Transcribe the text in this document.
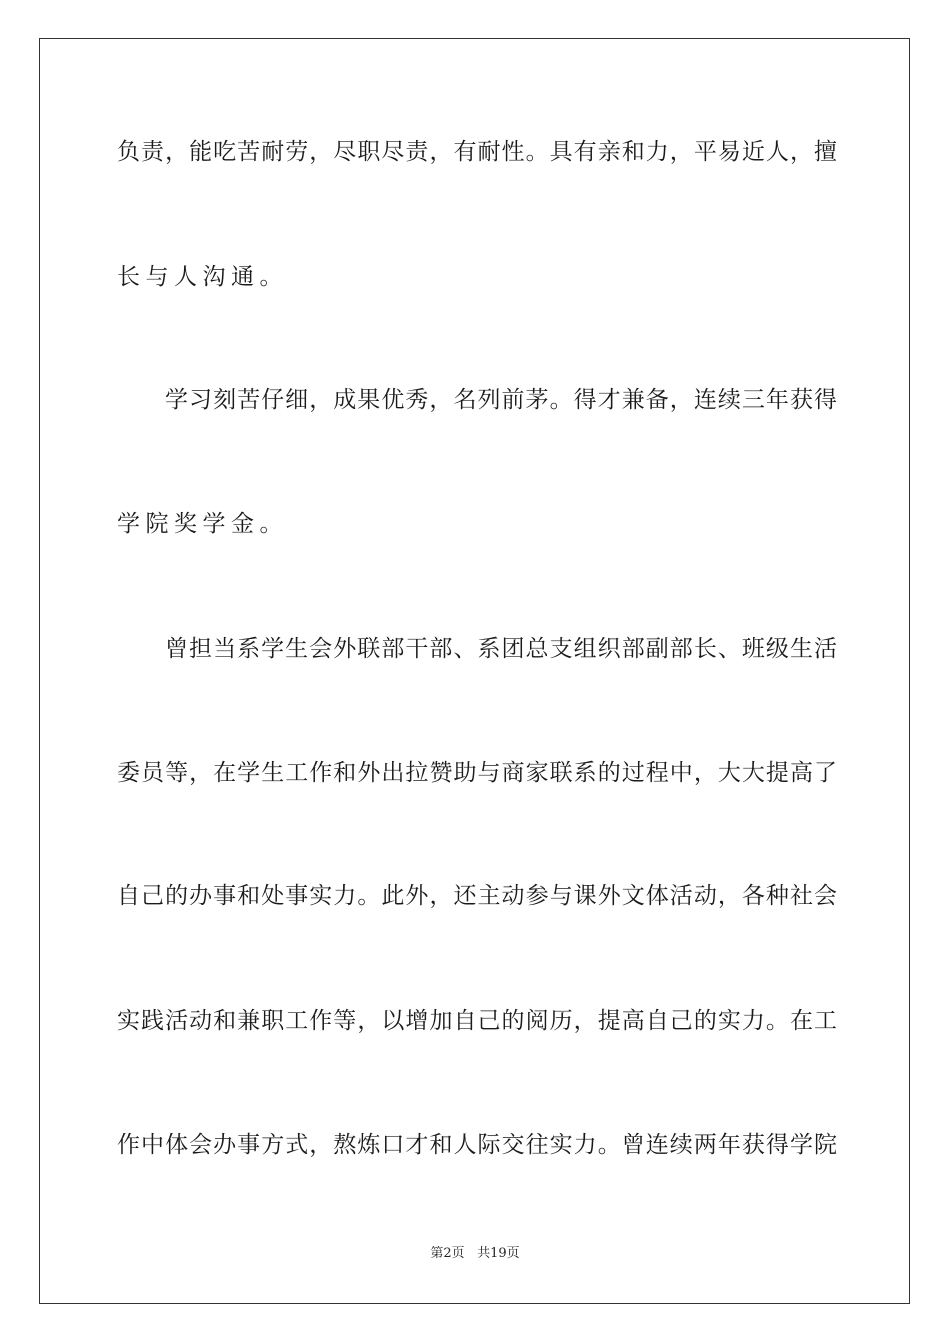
负责，能吃苦耐劳，尽职尽责，有耐性。具有亲和力，平易近人，擅
长与人沟通。
学习刻苦仔细，成果优秀，名列前茅。得才兼备，连续三年获得
学院奖学金。
曾担当系学生会外联部干部、系团总支组织部副部长、班级生活
委员等，在学生工作和外出拉赞助与商家联系的过程中，大大提高了
自己的办事和处事实力。此外，还主动参与课外文体活动，各种社会
实践活动和兼职工作等，以增加自己的阅历，提高自己的实力。在工
作中体会办事方式，熬炼口才和人际交往实力。曾连续两年获得学院
第2页 共19页
